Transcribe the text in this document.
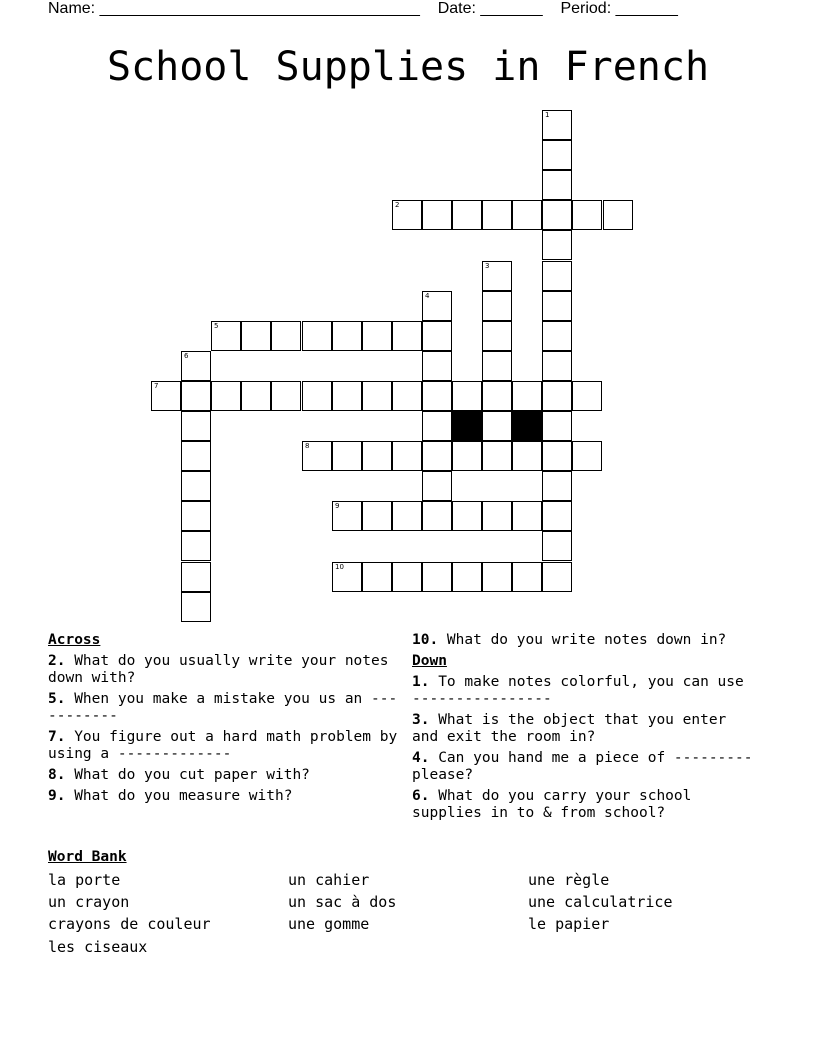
Name: ____________________________________    Date: _______    Period: _______
School Supplies in French
1
2
3
4
5
6
7
8
9
10
Across
2. What do you usually write your notes down with?
5. When you make a mistake you us an -----------
7. You figure out a hard math problem by using a -------------
8. What do you cut paper with?
9. What do you measure with?
10. What do you write notes down in?
Down
1. To make notes colorful, you can use ----------------
3. What is the object that you enter and exit the room in?
4. Can you hand me a piece of --------- please?
6. What do you carry your school supplies in to & from school?
Word Bank
la porte	un cahier	une règle
un crayon	un sac à dos	une calculatrice
crayons de couleur	une gomme	le papier
les ciseaux
